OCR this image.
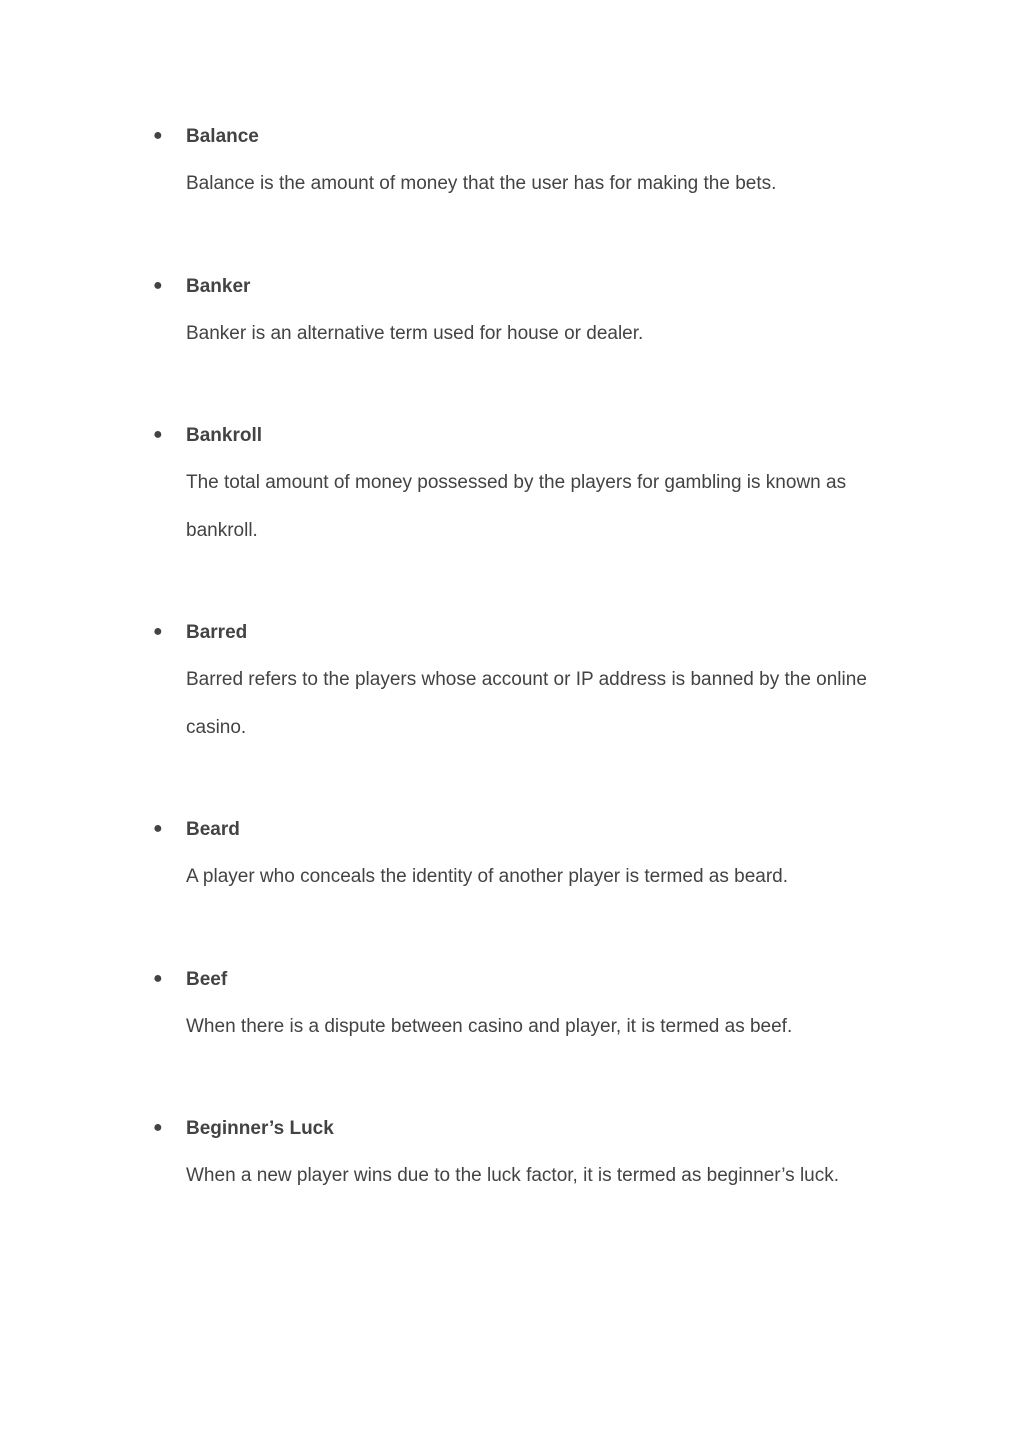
● Balance
Balance is the amount of money that the user has for making the bets.
● Banker
Banker is an alternative term used for house or dealer.
● Bankroll
The total amount of money possessed by the players for gambling is known as bankroll.
● Barred
Barred refers to the players whose account or IP address is banned by the online casino.
● Beard
A player who conceals the identity of another player is termed as beard.
● Beef
When there is a dispute between casino and player, it is termed as beef.
● Beginner’s Luck
When a new player wins due to the luck factor, it is termed as beginner’s luck.
